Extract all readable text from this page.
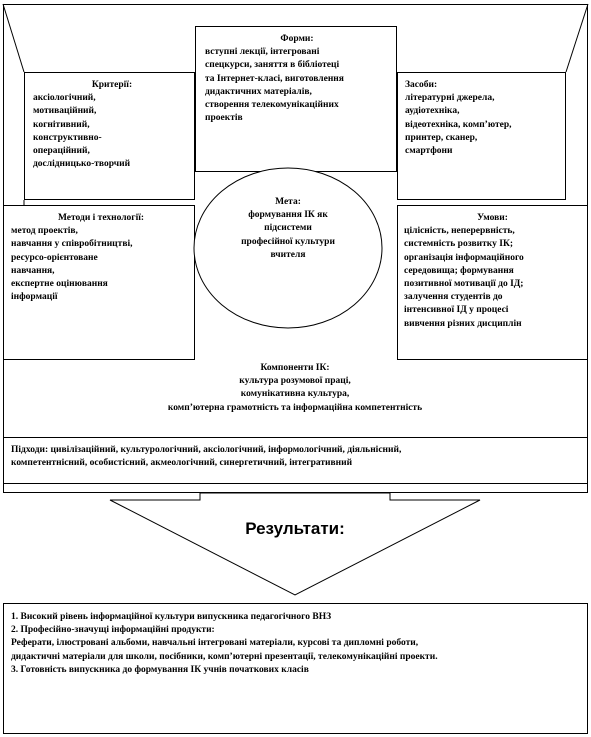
Форми:
вступні лекції, інтегровані
спецкурси, заняття в бібліотеці
та Інтернет-класі, виготовлення
дидактичних матеріалів,
створення телекомунікаційних
проектів
Критерії:
аксіологічний,
мотиваційний,
когнітивний,
конструктивно-
операційний,
дослідницько-творчий
Засоби:
літературні джерела,
аудіотехніка,
відеотехніка, комп’ютер,
принтер, сканер,
смартфони
Методи і технології:
метод проектів,
навчання у співробітництві,
ресурсо-орієнтоване
навчання,
експертне оцінювання
інформації
Умови:
цілісність, неперервність,
системність розвитку ІК;
організація інформаційного
середовища; формування
позитивної мотивації до ІД;
залучення студентів до
інтенсивної ІД у процесі
вивчення різних дисциплін
Мета:
формування ІК як
підсистеми
професійної культури
вчителя
Компоненти ІК:
культура розумової праці,
комунікативна культура,
комп’ютерна грамотність та інформаційна компетентність
Підходи: цивілізаційний, культурологічний, аксіологічний, інформологічний, діяльнісний,
компетентнісний, особистісний, акмеологічний, синергетичний, інтегративний
Результати:
1. Високий рівень інформаційної культури випускника педагогічного ВНЗ
2. Професійно-значущі інформаційні продукти:
Реферати, ілюстровані альбоми, навчальні інтегровані матеріали, курсові та дипломні роботи,
дидактичні матеріали для школи, посібники, комп’ютерні презентації, телекомунікаційні проекти.
3. Готовність випускника до формування ІК учнів початкових класів
